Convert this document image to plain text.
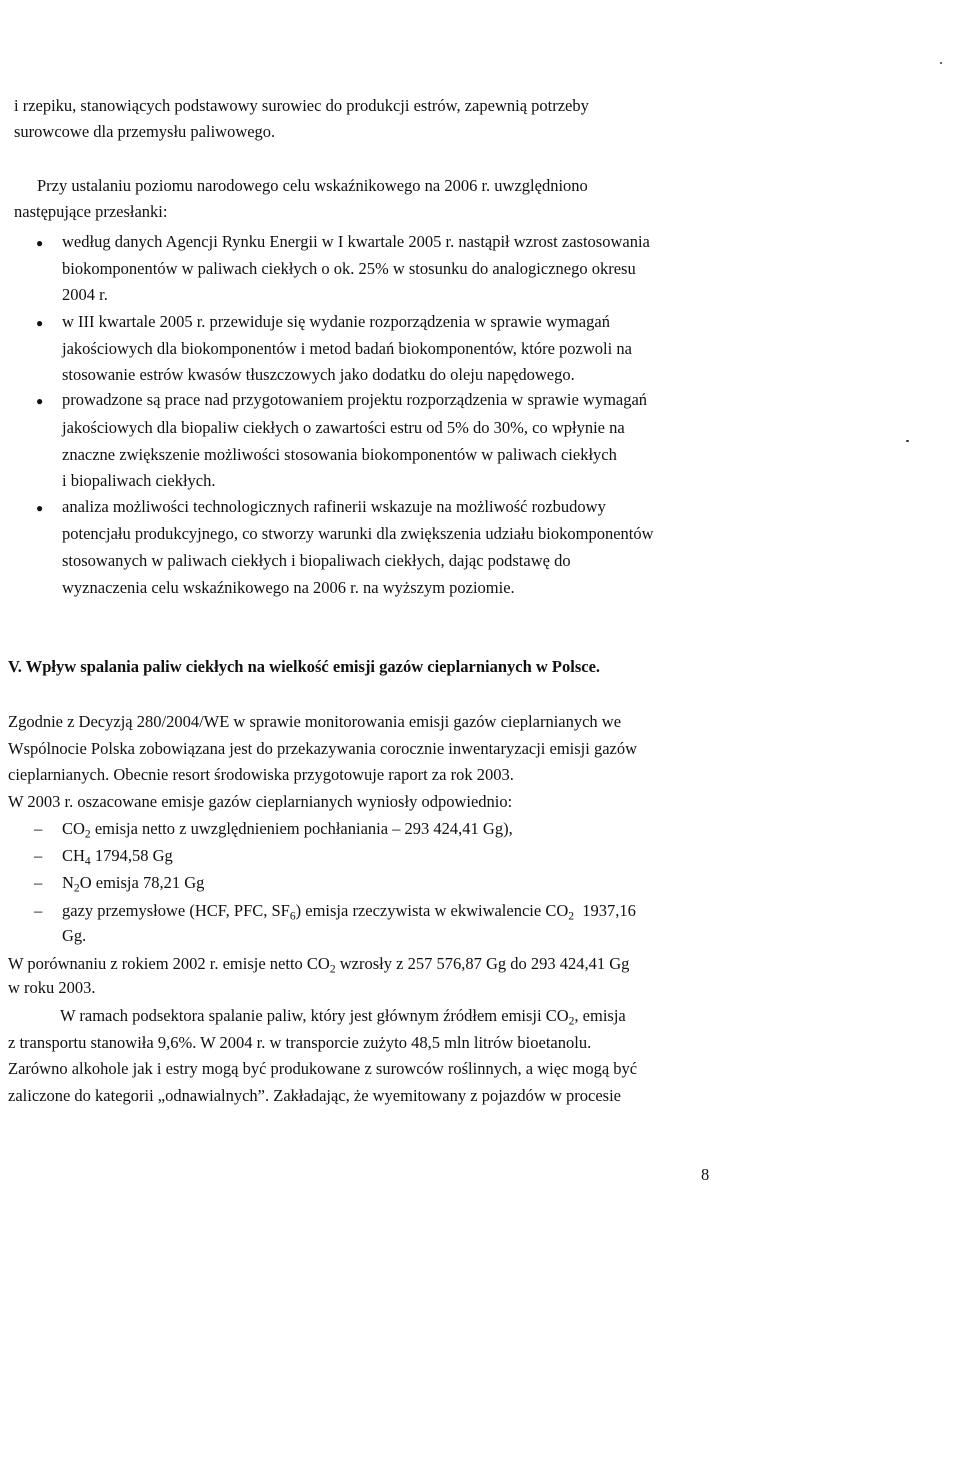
i rzepiku, stanowiących podstawowy surowiec do produkcji estrów, zapewnią potrzeby

surowcowe dla przemysłu paliwowego.

Przy ustalaniu poziomu narodowego celu wskaźnikowego na 2006 r. uwzględniono

następujące przesłanki:

● według danych Agencji Rynku Energii w I kwartale 2005 r. nastąpił wzrost zastosowania

biokomponentów w paliwach ciekłych o ok. 25% w stosunku do analogicznego okresu

2004 r.

● w III kwartale 2005 r. przewiduje się wydanie rozporządzenia w sprawie wymagań

jakościowych dla biokomponentów i metod badań biokomponentów, które pozwoli na

stosowanie estrów kwasów tłuszczowych jako dodatku do oleju napędowego.

● prowadzone są prace nad przygotowaniem projektu rozporządzenia w sprawie wymagań

jakościowych dla biopaliw ciekłych o zawartości estru od 5% do 30%, co wpłynie na

znaczne zwiększenie możliwości stosowania biokomponentów w paliwach ciekłych

i biopaliwach ciekłych.

● analiza możliwości technologicznych rafinerii wskazuje na możliwość rozbudowy

potencjału produkcyjnego, co stworzy warunki dla zwiększenia udziału biokomponentów

stosowanych w paliwach ciekłych i biopaliwach ciekłych, dając podstawę do

wyznaczenia celu wskaźnikowego na 2006 r. na wyższym poziomie.

V. Wpływ spalania paliw ciekłych na wielkość emisji gazów cieplarnianych w Polsce.

Zgodnie z Decyzją 280/2004/WE w sprawie monitorowania emisji gazów cieplarnianych we

Wspólnocie Polska zobowiązana jest do przekazywania corocznie inwentaryzacji emisji gazów

cieplarnianych. Obecnie resort środowiska przygotowuje raport za rok 2003.

W 2003 r. oszacowane emisje gazów cieplarnianych wyniosły odpowiednio:

– $CO_2$ emisja netto z uwzględnieniem pochłaniania – 293 424,41 Gg),

– $CH_4$ 1794,58 Gg

– $N_2O$ emisja 78,21 Gg

– gazy przemysłowe (HCF, PFC, $SF_6$) emisja rzeczywista w ekwiwalencie $CO_2$  1937,16

Gg.

W porównaniu z rokiem 2002 r. emisje netto $CO_2$ wzrosły z 257 576,87 Gg do 293 424,41 Gg

w roku 2003.

W ramach podsektora spalanie paliw, który jest głównym źródłem emisji $CO_2$, emisja

z transportu stanowiła 9,6%. W 2004 r. w transporcie zużyto 48,5 mln litrów bioetanolu.

Zarówno alkohole jak i estry mogą być produkowane z surowców roślinnych, a więc mogą być

zaliczone do kategorii „odnawialnych”. Zakładając, że wyemitowany z pojazdów w procesie

8
